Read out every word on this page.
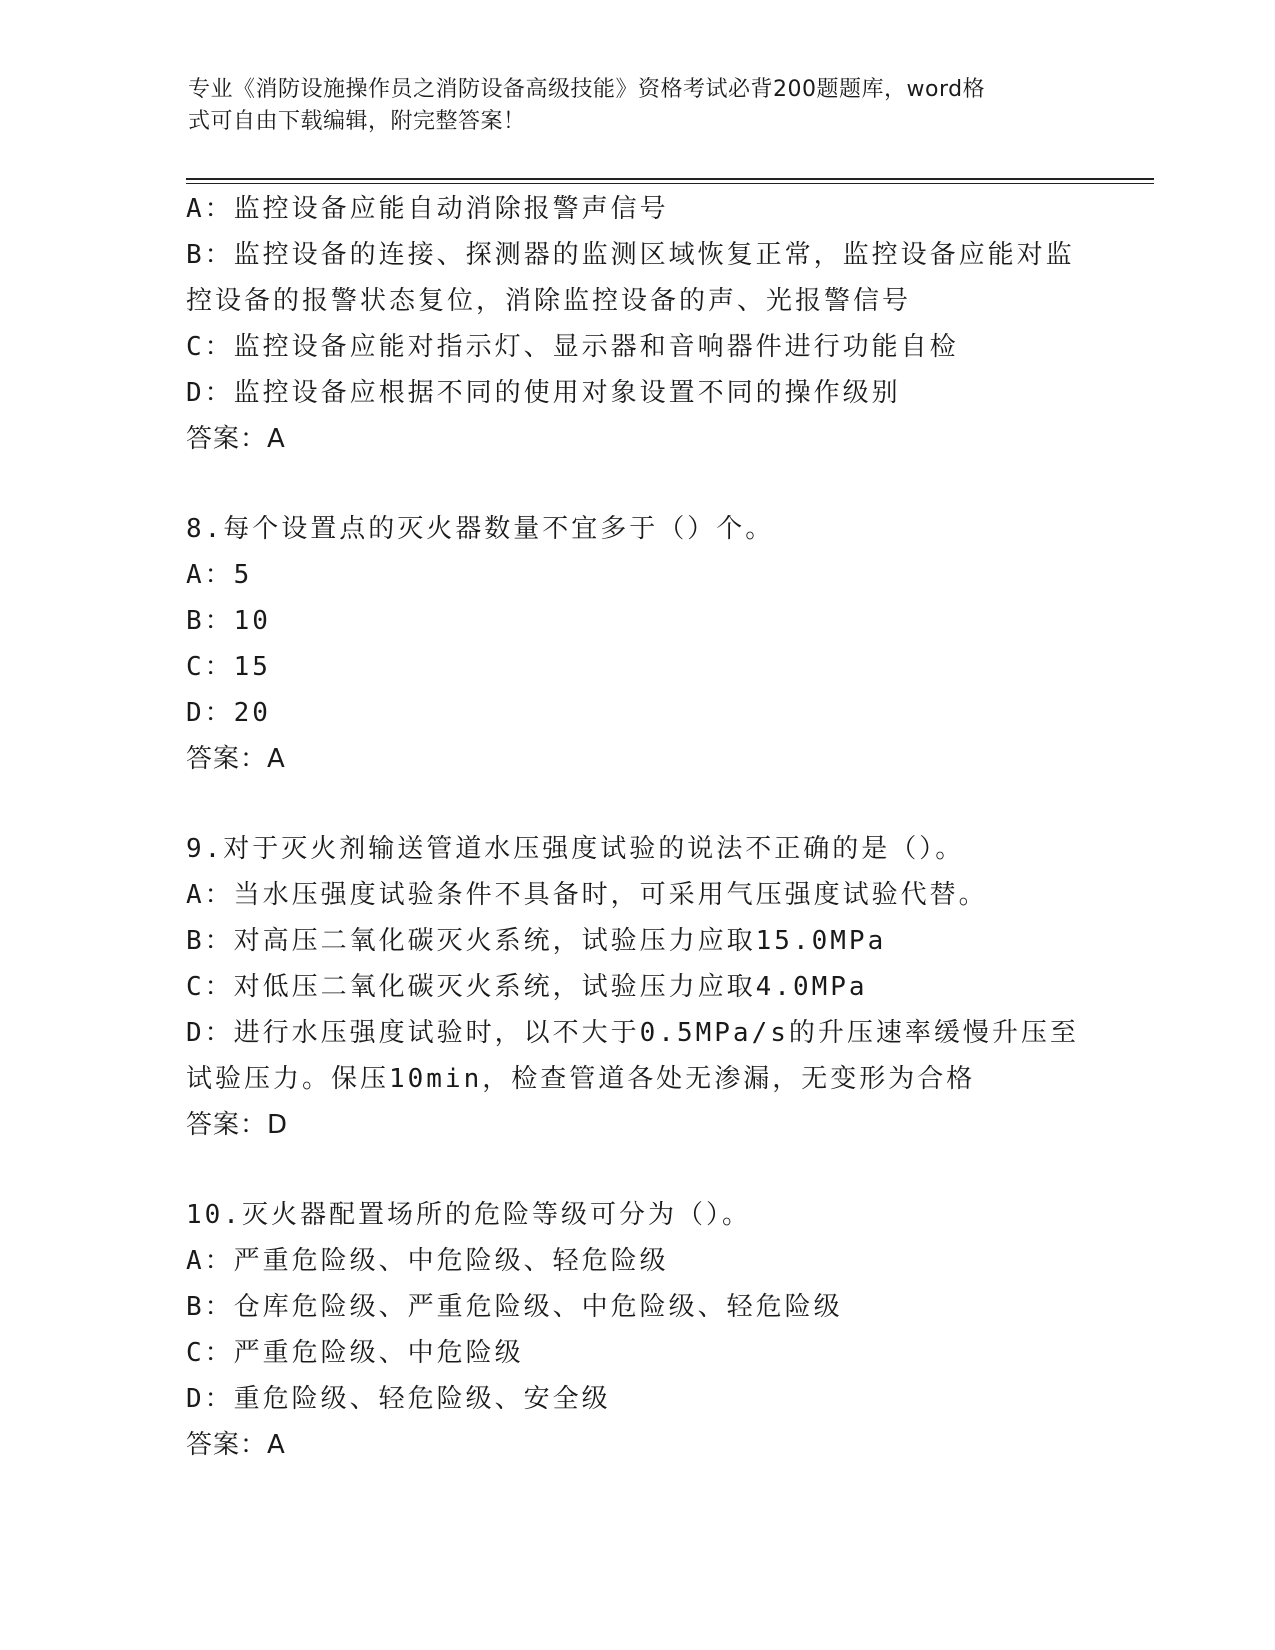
专业《消防设施操作员之消防设备高级技能》资格考试必背200题题库，word格
式可自由下载编辑，附完整答案！
A：监控设备应能自动消除报警声信号
B：监控设备的连接、探测器的监测区域恢复正常，监控设备应能对监
控设备的报警状态复位，消除监控设备的声、光报警信号
C：监控设备应能对指示灯、显示器和音响器件进行功能自检
D：监控设备应根据不同的使用对象设置不同的操作级别
答案：A
8.每个设置点的灭火器数量不宜多于（）个。
A：5
B：10
C：15
D：20
答案：A
9.对于灭火剂输送管道水压强度试验的说法不正确的是（）。
A：当水压强度试验条件不具备时，可采用气压强度试验代替。
B：对高压二氧化碳灭火系统，试验压力应取15.0MPa
C：对低压二氧化碳灭火系统，试验压力应取4.0MPa
D：进行水压强度试验时，以不大于0.5MPa/s的升压速率缓慢升压至
试验压力。保压10min，检查管道各处无渗漏，无变形为合格
答案：D
10.灭火器配置场所的危险等级可分为（）。
A：严重危险级、中危险级、轻危险级
B：仓库危险级、严重危险级、中危险级、轻危险级
C：严重危险级、中危险级
D：重危险级、轻危险级、安全级
答案：A
